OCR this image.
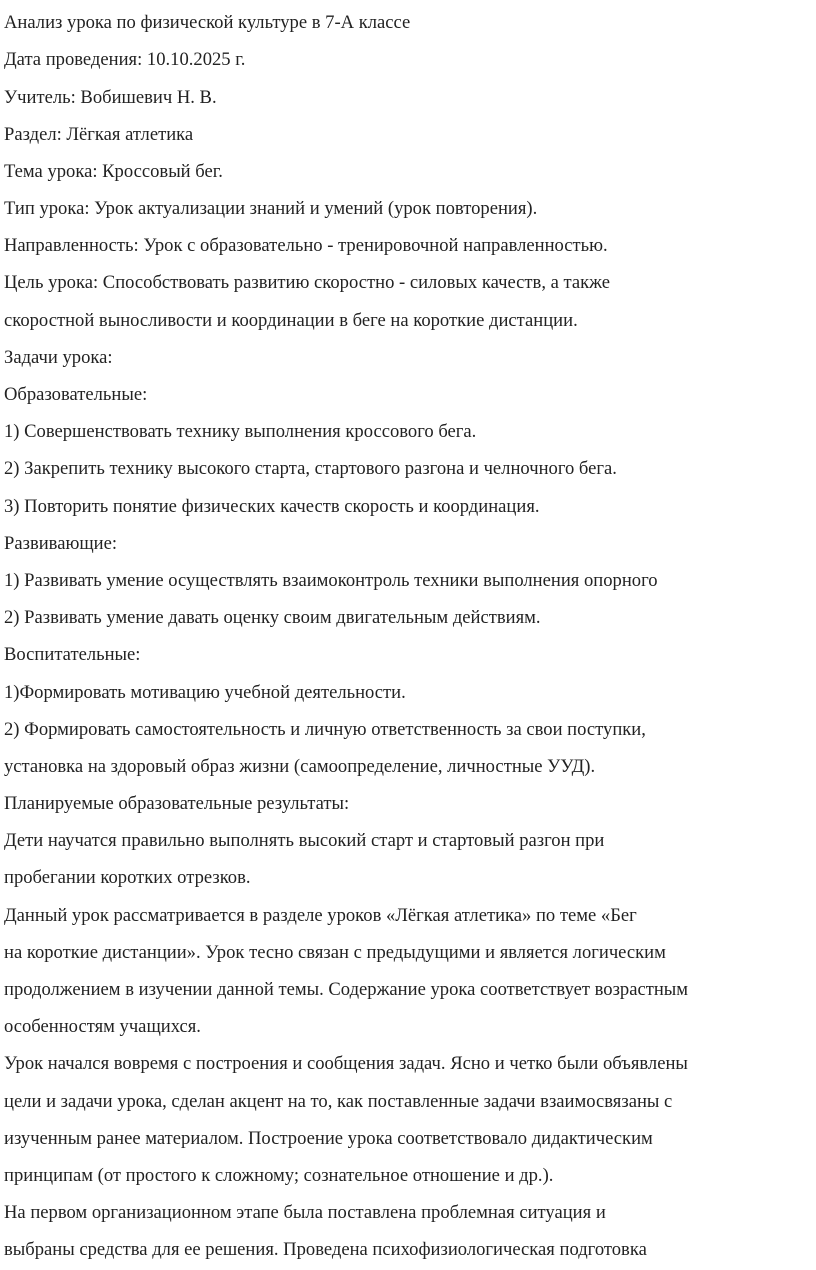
Анализ урока по физической культуре в 7-А классе
Дата проведения: 10.10.2025 г.
Учитель: Вобишевич Н. В.
Раздел: Лёгкая атлетика
Тема урока: Кроссовый бег.
Тип урока: Урок актуализации знаний и умений (урок повторения).
Направленность: Урок с образовательно - тренировочной направленностью.
Цель урока: Способствовать развитию скоростно - силовых качеств, а также
скоростной выносливости и координации в беге на короткие дистанции.
Задачи урока:
Образовательные:
1) Совершенствовать технику выполнения кроссового бега.
2) Закрепить технику высокого старта, стартового разгона и челночного бега.
3) Повторить понятие физических качеств скорость и координация.
Развивающие:
1) Развивать умение осуществлять взаимоконтроль техники выполнения опорного
2) Развивать умение давать оценку своим двигательным действиям.
Воспитательные:
1)Формировать мотивацию учебной деятельности.
2) Формировать самостоятельность и личную ответственность за свои поступки,
установка на здоровый образ жизни (самоопределение, личностные УУД).
Планируемые образовательные результаты:
Дети научатся правильно выполнять высокий старт и стартовый разгон при
пробегании коротких отрезков.
Данный урок рассматривается в разделе уроков «Лёгкая атлетика» по теме «Бег
на короткие дистанции». Урок тесно связан с предыдущими и является логическим
продолжением в изучении данной темы. Содержание урока соответствует возрастным
особенностям учащихся.
Урок начался вовремя с построения и сообщения задач. Ясно и четко были объявлены
цели и задачи урока, сделан акцент на то, как поставленные задачи взаимосвязаны с
изученным ранее материалом. Построение урока соответствовало дидактическим
принципам (от простого к сложному; сознательное отношение и др.).
На первом организационном этапе была поставлена проблемная ситуация и
выбраны средства для ее решения. Проведена психофизиологическая подготовка
